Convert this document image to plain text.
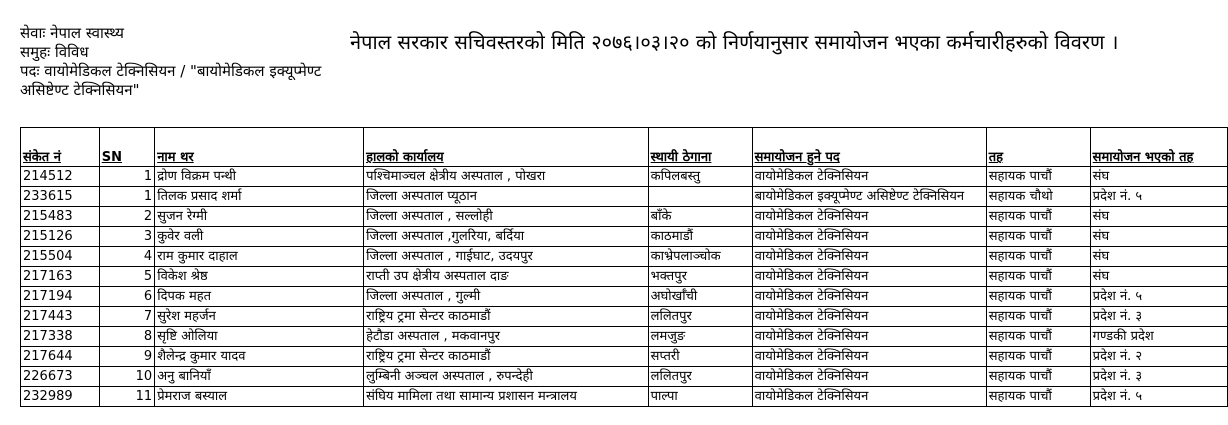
सेवाः नेपाल स्वास्थ्य
समुहः विविध
पदः वायोमेडिकल टेक्निसियन / "बायोमेडिकल इक्यूप्मेण्ट
असिष्टेण्ट टेक्निसियन"
नेपाल सरकार सचिवस्तरको मिति २०७६।०३।२० को निर्णयानुसार समायोजन भएका कर्मचारीहरुको विवरण ।
संकेत नं	SN	नाम थर	हालको कार्यालय	स्थायी ठेगाना	समायोजन हुने पद	तह	समायोजन भएको तह
214512	1	द्रोण विक्रम पन्थी	पश्चिमाञ्चल क्षेत्रीय अस्पताल , पोखरा	कपिलबस्तु	वायोमेडिकल टेक्निसियन	सहायक पाचौं	संघ
233615	1	तिलक प्रसाद शर्मा	जिल्ला अस्पताल प्यूठान		बायोमेडिकल इक्यूप्मेण्ट असिष्टेण्ट टेक्निसियन	सहायक चौथो	प्रदेश नं. ५
215483	2	सुजन रेग्मी	जिल्ला अस्पताल , सल्लोही	बाँके	वायोमेडिकल टेक्निसियन	सहायक पाचौं	संघ
215126	3	कुवेर वली	जिल्ला अस्पताल ,गुलरिया, बर्दिया	काठमाडौं	वायोमेडिकल टेक्निसियन	सहायक पाचौं	संघ
215504	4	राम कुमार दाहाल	जिल्ला अस्पताल , गाईघाट, उदयपुर	काभ्रेपलाञ्चोक	वायोमेडिकल टेक्निसियन	सहायक पाचौं	संघ
217163	5	विकेश श्रेष्ठ	राप्ती उप क्षेत्रीय अस्पताल दाङ	भक्तपुर	वायोमेडिकल टेक्निसियन	सहायक पाचौं	संघ
217194	6	दिपक महत	जिल्ला अस्पताल , गुल्मी	अघोर्खाँची	वायोमेडिकल टेक्निसियन	सहायक पाचौं	प्रदेश नं. ५
217443	7	सुरेश महर्जन	राष्ट्रिय ट्रमा सेन्टर काठमाडौं	ललितपुर	वायोमेडिकल टेक्निसियन	सहायक पाचौं	प्रदेश नं. ३
217338	8	सृष्टि ओलिया	हेटौडा अस्पताल , मकवानपुर	लमजुङ	वायोमेडिकल टेक्निसियन	सहायक पाचौं	गण्डकी प्रदेश
217644	9	शैलेन्द्र कुमार यादव	राष्ट्रिय ट्रमा सेन्टर काठमाडौं	सप्तरी	वायोमेडिकल टेक्निसियन	सहायक पाचौं	प्रदेश नं. २
226673	10	अनु बानियाँ	लुम्बिनी अञ्चल अस्पताल , रुपन्देही	ललितपुर	वायोमेडिकल टेक्निसियन	सहायक पाचौं	प्रदेश नं. ३
232989	11	प्रेमराज बस्याल	संघिय मामिला तथा सामान्य प्रशासन मन्त्रालय	पाल्पा	वायोमेडिकल टेक्निसियन	सहायक पाचौं	प्रदेश नं. ५
